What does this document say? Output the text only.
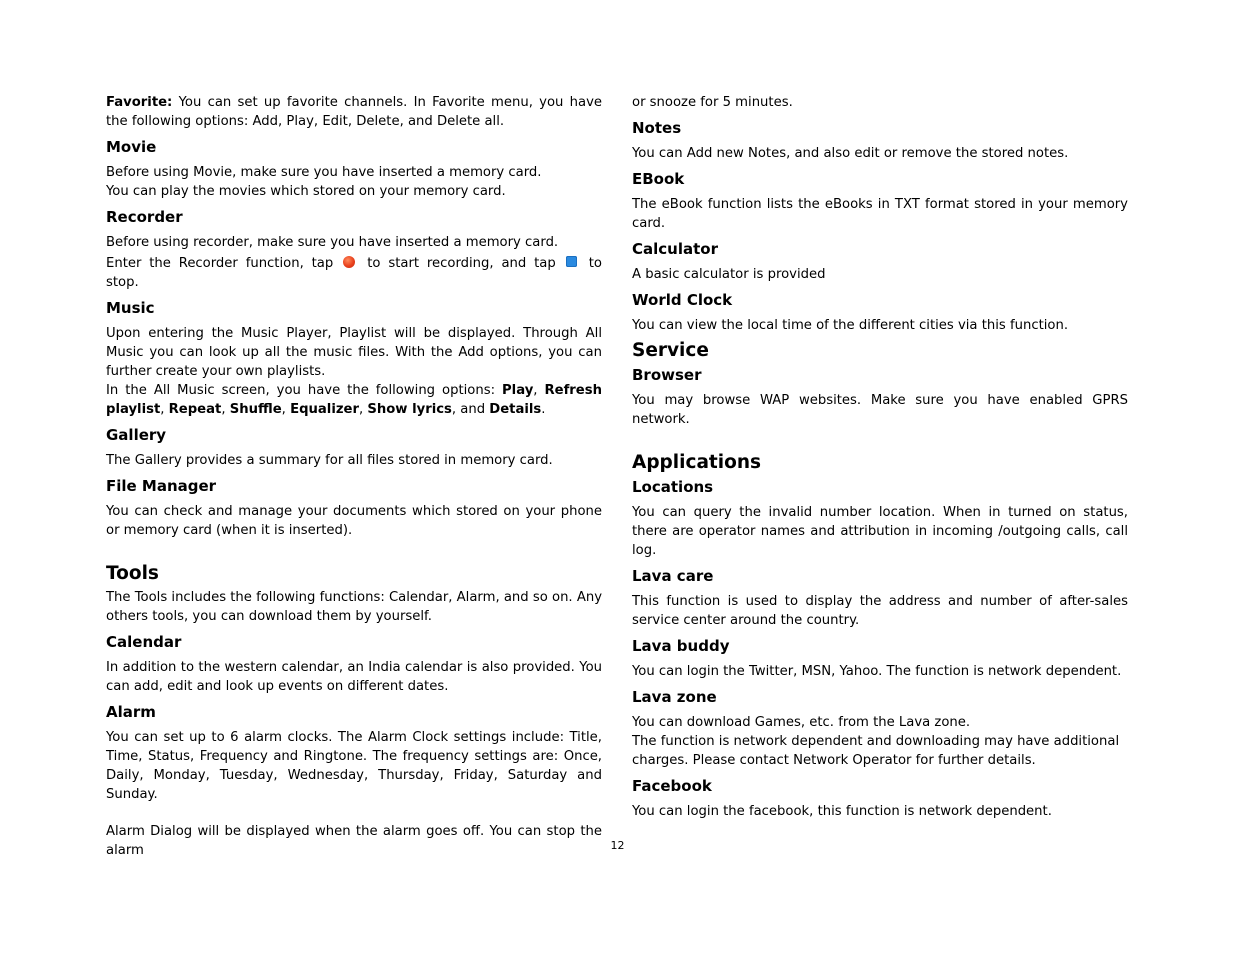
Favorite: You can set up favorite channels. In Favorite menu, you have the following options: Add, Play, Edit, Delete, and Delete all.

Movie

Before using Movie, make sure you have inserted a memory card.

You can play the movies which stored on your memory card.

Recorder

Before using recorder, make sure you have inserted a memory card.

Enter the Recorder function, tap	to start recording, and tap	to stop.

Music

Upon entering the Music Player, Playlist will be displayed. Through All Music you can look up all the music files. With the Add options, you can further create your own playlists.

In the All Music screen, you have the following options: Play, Refresh playlist, Repeat, Shuffle, Equalizer, Show lyrics, and Details.

Gallery

The Gallery provides a summary for all files stored in memory card.

File Manager

You can check and manage your documents which stored on your phone or memory card (when it is inserted).

Tools

The Tools includes the following functions: Calendar, Alarm, and so on. Any others tools, you can download them by yourself.

Calendar

In addition to the western calendar, an India calendar is also provided. You can add, edit and look up events on different dates.

Alarm

You can set up to 6 alarm clocks. The Alarm Clock settings include: Title, Time, Status, Frequency and Ringtone. The frequency settings are: Once, Daily, Monday, Tuesday, Wednesday, Thursday, Friday, Saturday and Sunday.

Alarm Dialog will be displayed when the alarm goes off. You can stop the alarm

or snooze for 5 minutes.

Notes

You can Add new Notes, and also edit or remove the stored notes.

EBook

The eBook function lists the eBooks in TXT format stored in your memory card.

Calculator

A basic calculator is provided

World Clock

You can view the local time of the different cities via this function.

Service
Browser

You may browse WAP websites. Make sure you have enabled GPRS network.

Applications
Locations

You can query the invalid number location. When in turned on status, there are operator names and attribution in incoming /outgoing calls, call log.

Lava care

This function is used to display the address and number of after-sales service center around the country.

Lava buddy

You can login the Twitter, MSN, Yahoo. The function is network dependent.

Lava zone

You can download Games, etc. from the Lava zone.

The function is network dependent and downloading may have additional charges. Please contact Network Operator for further details.

Facebook

You can login the facebook, this function is network dependent.

12
